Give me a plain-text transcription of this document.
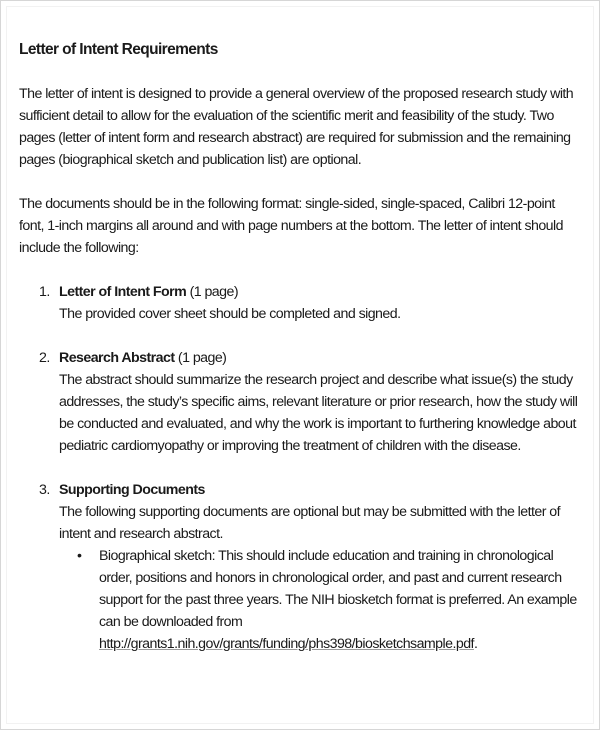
Letter of Intent Requirements

The letter of intent is designed to provide a general overview of the proposed research study with sufficient detail to allow for the evaluation of the scientific merit and feasibility of the study. Two pages (letter of intent form and research abstract) are required for submission and the remaining pages (biographical sketch and publication list) are optional.

The documents should be in the following format: single-sided, single-spaced, Calibri 12-point font, 1-inch margins all around and with page numbers at the bottom. The letter of intent should include the following:

1. Letter of Intent Form (1 page)
The provided cover sheet should be completed and signed.
2. Research Abstract (1 page)
The abstract should summarize the research project and describe what issue(s) the study addresses, the study’s specific aims, relevant literature or prior research, how the study will be conducted and evaluated, and why the work is important to furthering knowledge about pediatric cardiomyopathy or improving the treatment of children with the disease.
3. Supporting Documents
The following supporting documents are optional but may be submitted with the letter of intent and research abstract.
• Biographical sketch: This should include education and training in chronological order, positions and honors in chronological order, and past and current research support for the past three years. The NIH biosketch format is preferred. An example can be downloaded from http://grants1.nih.gov/grants/funding/phs398/biosketchsample.pdf.
